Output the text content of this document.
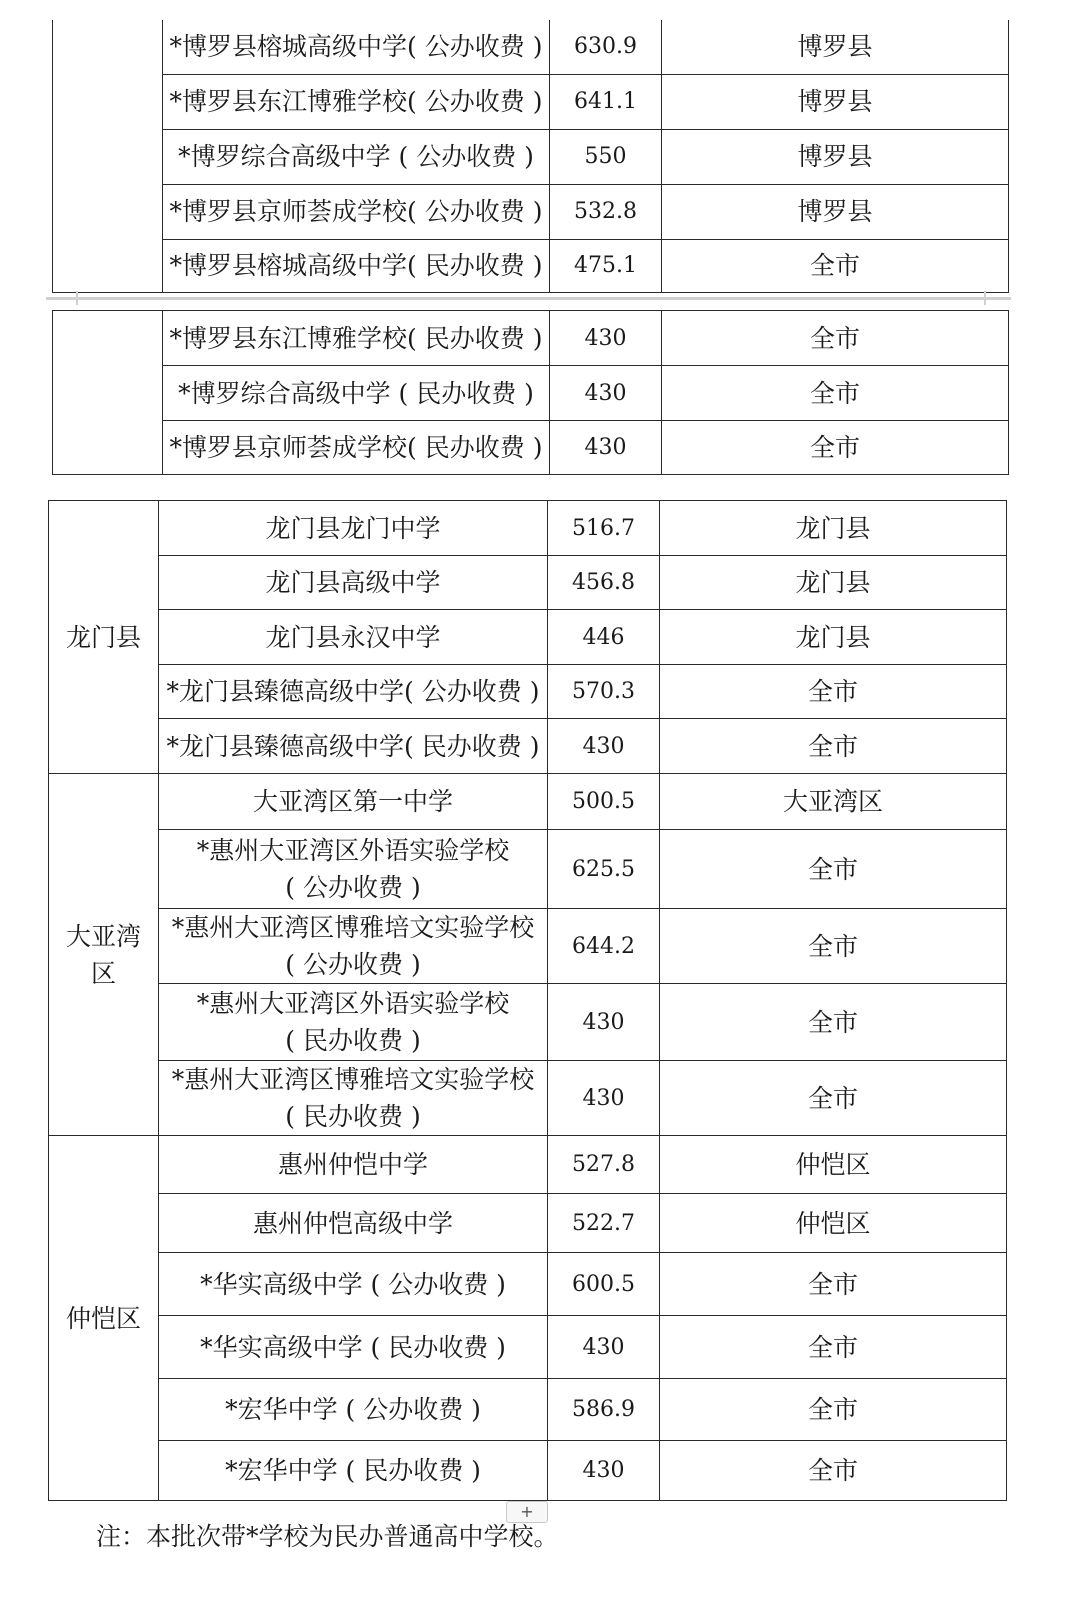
	*博罗县榕城高级中学( 公办收费 )	630.9	博罗县
	*博罗县东江博雅学校( 公办收费 )	641.1	博罗县
	*博罗综合高级中学 ( 公办收费 )	550	博罗县
	*博罗县京师荟成学校( 公办收费 )	532.8	博罗县
	*博罗县榕城高级中学( 民办收费 )	475.1	全市
	*博罗县东江博雅学校( 民办收费 )	430	全市
	*博罗综合高级中学 ( 民办收费 )	430	全市
	*博罗县京师荟成学校( 民办收费 )	430	全市
龙门县	龙门县龙门中学	516.7	龙门县
	龙门县高级中学	456.8	龙门县
	龙门县永汉中学	446	龙门县
	*龙门县臻德高级中学( 公办收费 )	570.3	全市
	*龙门县臻德高级中学( 民办收费 )	430	全市

大亚湾
区	大亚湾区第一中学	500.5	大亚湾区

	*惠州大亚湾区外语实验学校
( 公办收费 )	625.5	全市

	*惠州大亚湾区博雅培文实验学校
( 公办收费 )	644.2	全市

	*惠州大亚湾区外语实验学校
( 民办收费 )	430	全市

	*惠州大亚湾区博雅培文实验学校
( 民办收费 )	430	全市
仲恺区	惠州仲恺中学	527.8	仲恺区
	惠州仲恺高级中学	522.7	仲恺区
	*华实高级中学 ( 公办收费 )	600.5	全市
	*华实高级中学 ( 民办收费 )	430	全市
	*宏华中学 ( 公办收费 )	586.9	全市
	*宏华中学 ( 民办收费 )	430	全市
+
注：本批次带*学校为民办普通高中学校。
